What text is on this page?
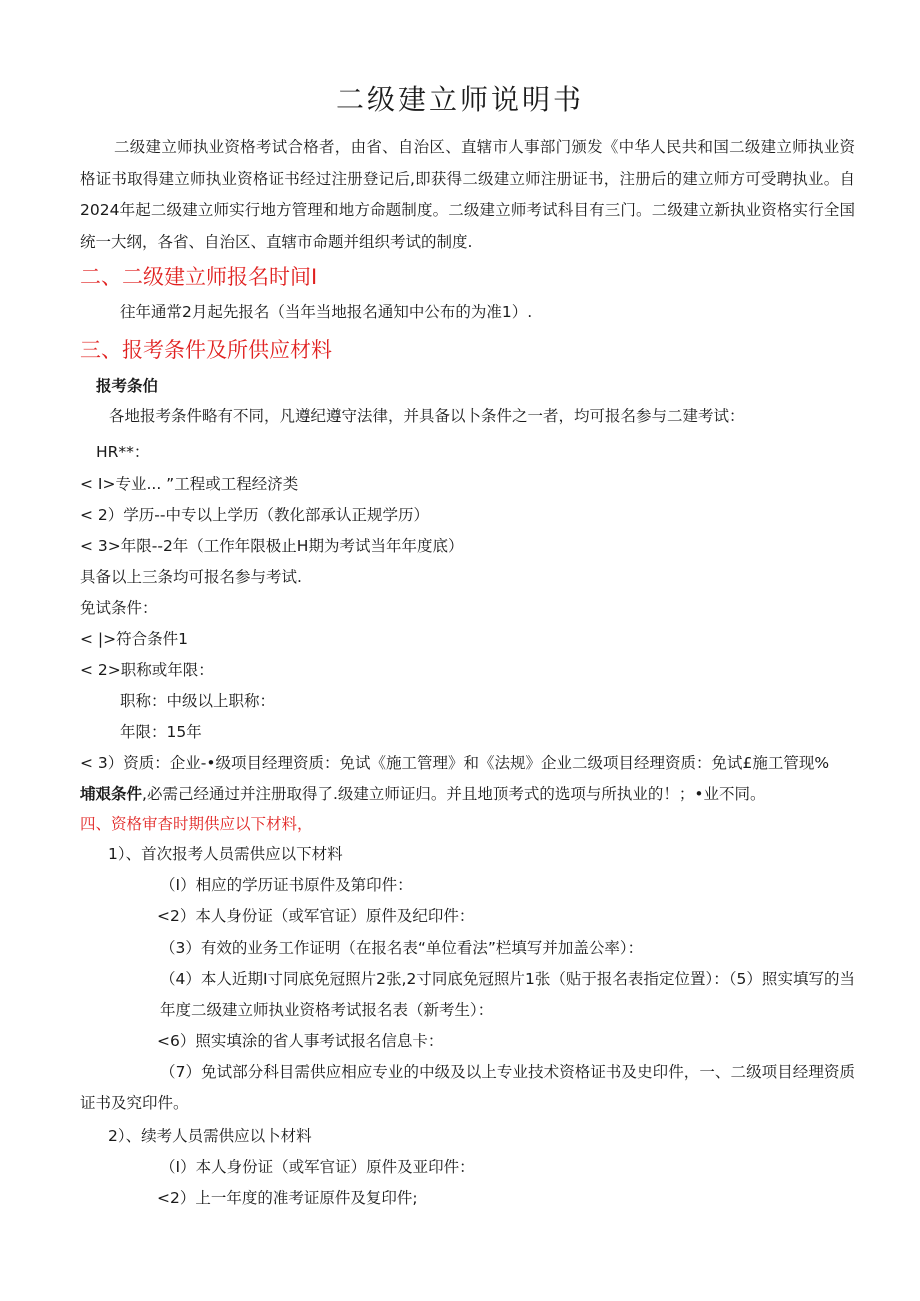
二级建立师说明书
二级建立师执业资格考试合格者，由省、自治区、直辖市人事部门颁发《中华人民共和国二级建立师执业资格证书取得建立师执业资格证书经过注册登记后,即获得二级建立师注册证书，注册后的建立师方可受聘执业。自2024年起二级建立师实行地方管理和地方命题制度。二级建立师考试科目有三门。二级建立新执业资格实行全国统一大纲，各省、自治区、直辖市命题并组织考试的制度.
二、二级建立师报名时间I
往年通常2月起先报名（当年当地报名通知中公布的为准1）.
三、报考条件及所供应材料
报考条伯
各地报考条件略有不同，凡遵纪遵守法律，并具备以卜条件之一者，均可报名参与二建考试：
HR**：
< I>专业... ”工程或工程经济类
< 2）学历--中专以上学历（教化部承认正规学历）
< 3>年限--2年（工作年限极止H期为考试当年年度底）
具备以上三条均可报名参与考试.
免试条件：
< |>符合条件1
< 2>职称或年限：
职称：中级以上职称：
年限：15年
< 3）资质：企业-•级项目经理资质：免试《施工管理》和《法规》企业二级项目经理资质：免试£施工管现%
埔艰条件,必需己经通过并注册取得了.级建立师证归。并且地顶考式的选项与所执业的！；•业不同。
四、资格审杳时期供应以下材料，
1）、首次报考人员需供应以下材料
（I）相应的学历证书原件及第印件：
<2）本人身份证（或军官证）原件及纪印件：
（3）有效的业务工作证明（在报名表“单位看法”栏填写并加盖公率）：
（4）本人近期I寸同底免冠照片2张,2寸同底免冠照片1张（贴于报名表指定位置）：（5）照实填写的当年度二级建立师执业资格考试报名表（新考生）：
<6）照实填涂的省人事考试报名信息卡：
（7）免试部分科目需供应相应专业的中级及以上专业技术资格证书及史印件，一、二级项目经理资质证书及究印件。
2）、续考人员需供应以卜材料
（I）本人身份证（或军官证）原件及亚印件：
<2）上一年度的准考证原件及复印件;
